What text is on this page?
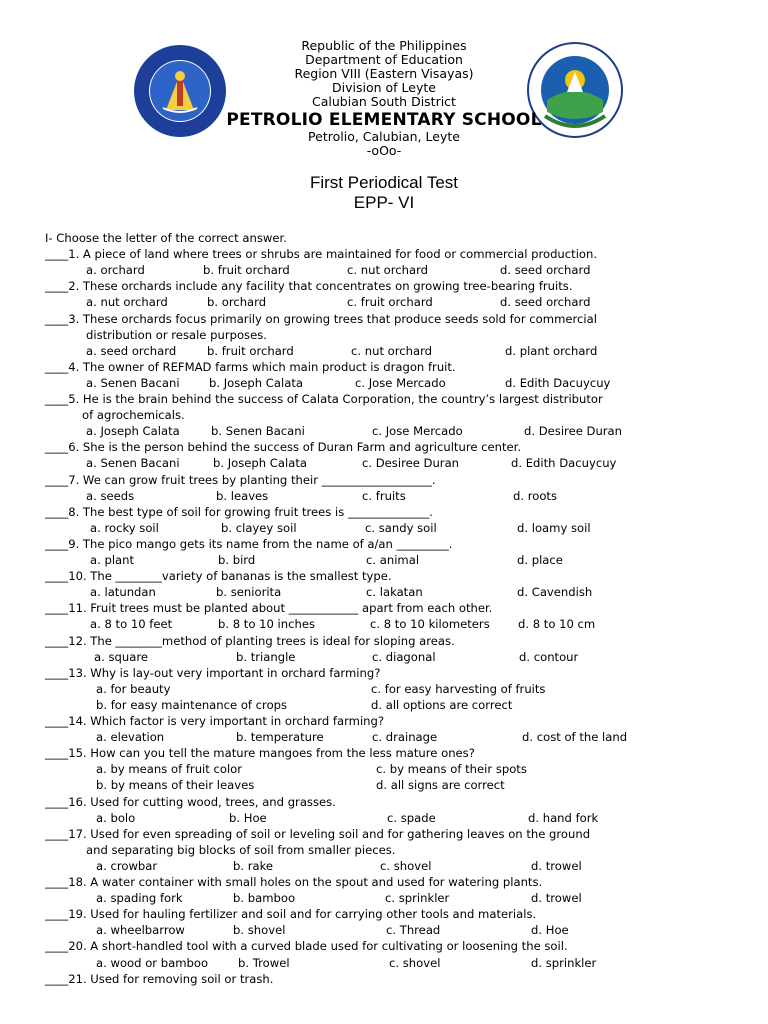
Republic of the Philippines
Department of Education
Region VIII (Eastern Visayas)
Division of Leyte
Calubian South District
PETROLIO ELEMENTARY SCHOOL
Petrolio, Calubian, Leyte
-oOo-
First Periodical Test
EPP- VI
I- Choose the letter of the correct answer.
____1. A piece of land where trees or shrubs are maintained for food or commercial production.
a. orchard	b. fruit orchard	c. nut orchard	d. seed orchard
____2. These orchards include any facility that concentrates on growing tree-bearing fruits.
a. nut orchard	b. orchard	c. fruit orchard	d. seed orchard
____3. These orchards focus primarily on growing trees that produce seeds sold for commercial
distribution or resale purposes.
a. seed orchard	b. fruit orchard	c. nut orchard	d. plant orchard
____4. The owner of REFMAD farms which main product is dragon fruit.
a. Senen Bacani	b. Joseph Calata	c. Jose Mercado	d. Edith Dacuycuy
____5. He is the brain behind the success of Calata Corporation, the country’s largest distributor
of agrochemicals.
a. Joseph Calata	b. Senen Bacani	c. Jose Mercado	d. Desiree Duran
____6. She is the person behind the success of Duran Farm and agriculture center.
a. Senen Bacani	b. Joseph Calata	c. Desiree Duran	d. Edith Dacuycuy
____7. We can grow fruit trees by planting their ___________________.
a. seeds	b. leaves	c. fruits	d. roots
____8. The best type of soil for growing fruit trees is ______________.
a. rocky soil	b. clayey soil	c. sandy soil	d. loamy soil
____9. The pico mango gets its name from the name of a/an _________.
a. plant	b. bird	c. animal	d. place
____10. The ________variety of bananas is the smallest type.
a. latundan	b. seniorita	c. lakatan	d. Cavendish
____11. Fruit trees must be planted about ____________ apart from each other.
a. 8 to 10 feet	b. 8 to 10 inches	c. 8 to 10 kilometers d. 8 to 10 cm
____12. The ________method of planting trees is ideal for sloping areas.
a. square	b. triangle	c. diagonal	d. contour
____13. Why is lay-out very important in orchard farming?
a. for beauty	c. for easy harvesting of fruits
b. for easy maintenance of crops	d. all options are correct
____14. Which factor is very important in orchard farming?
a. elevation	b. temperature	c. drainage	d. cost of the land
____15. How can you tell the mature mangoes from the less mature ones?
a. by means of fruit color	c. by means of their spots
b. by means of their leaves	d. all signs are correct
____16. Used for cutting wood, trees, and grasses.
a. bolo	b. Hoe	c. spade	d. hand fork
____17. Used for even spreading of soil or leveling soil and for gathering leaves on the ground
and separating big blocks of soil from smaller pieces.
a. crowbar	b. rake	c. shovel	d. trowel
____18. A water container with small holes on the spout and used for watering plants.
a. spading fork	b. bamboo	c. sprinkler	d. trowel
____19. Used for hauling fertilizer and soil and for carrying other tools and materials.
a. wheelbarrow	b. shovel	c. Thread	d. Hoe
____20. A short-handled tool with a curved blade used for cultivating or loosening the soil.
a. wood or bamboo	b. Trowel	c. shovel	d. sprinkler
____21. Used for removing soil or trash.
